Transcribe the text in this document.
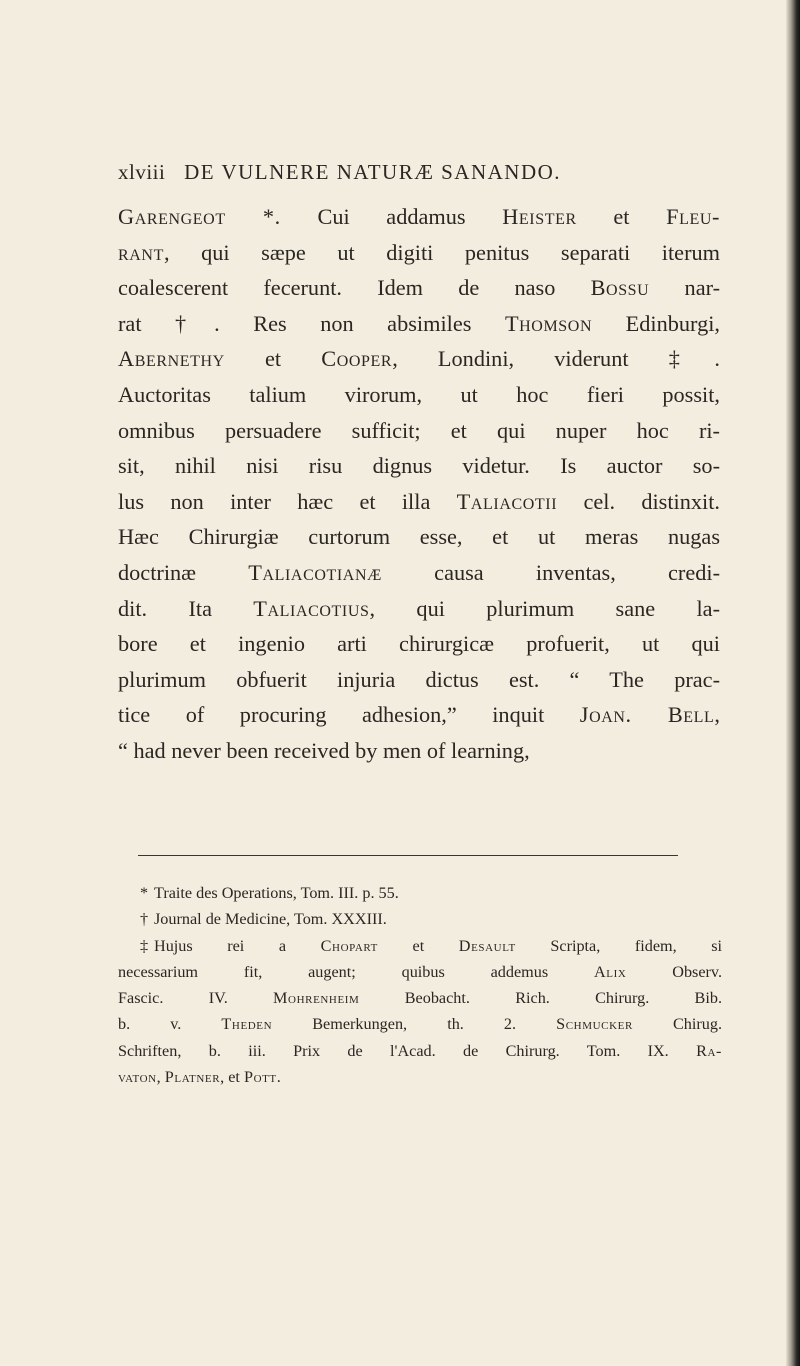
xlviii DE VULNERE NATURÆ SANANDO.
Garengeot *. Cui addamus Heister et Fleu-
rant, qui sæpe ut digiti penitus separati iterum
coalescerent fecerunt. Idem de naso Bossu nar-
rat †. Res non absimiles Thomson Edinburgi,
Abernethy et Cooper, Londini, viderunt ‡.
Auctoritas talium virorum, ut hoc fieri possit,
omnibus persuadere sufficit; et qui nuper hoc ri-
sit, nihil nisi risu dignus videtur. Is auctor so-
lus non inter hæc et illa Taliacotii cel. distinxit.
Hæc Chirurgiæ curtorum esse, et ut meras nugas
doctrinæ Taliacotianæ causa inventas, credi-
dit. Ita Taliacotius, qui plurimum sane la-
bore et ingenio arti chirurgicæ profuerit, ut qui
plurimum obfuerit injuria dictus est. “ The prac-
tice of procuring adhesion,” inquit Joan. Bell,
“ had never been received by men of learning,
* Traite des Operations, Tom. III. p. 55.
† Journal de Medicine, Tom. XXXIII.
‡ Hujus rei a Chopart et Desault Scripta, fidem, si
necessarium fit, augent; quibus addemus Alix Observ.
Fascic. IV. Mohrenheim Beobacht. Rich. Chirurg. Bib.
b. v. Theden Bemerkungen, th. 2. Schmucker Chirug.
Schriften, b. iii. Prix de l'Acad. de Chirurg. Tom. IX. Ra-
vaton, Platner, et Pott.
